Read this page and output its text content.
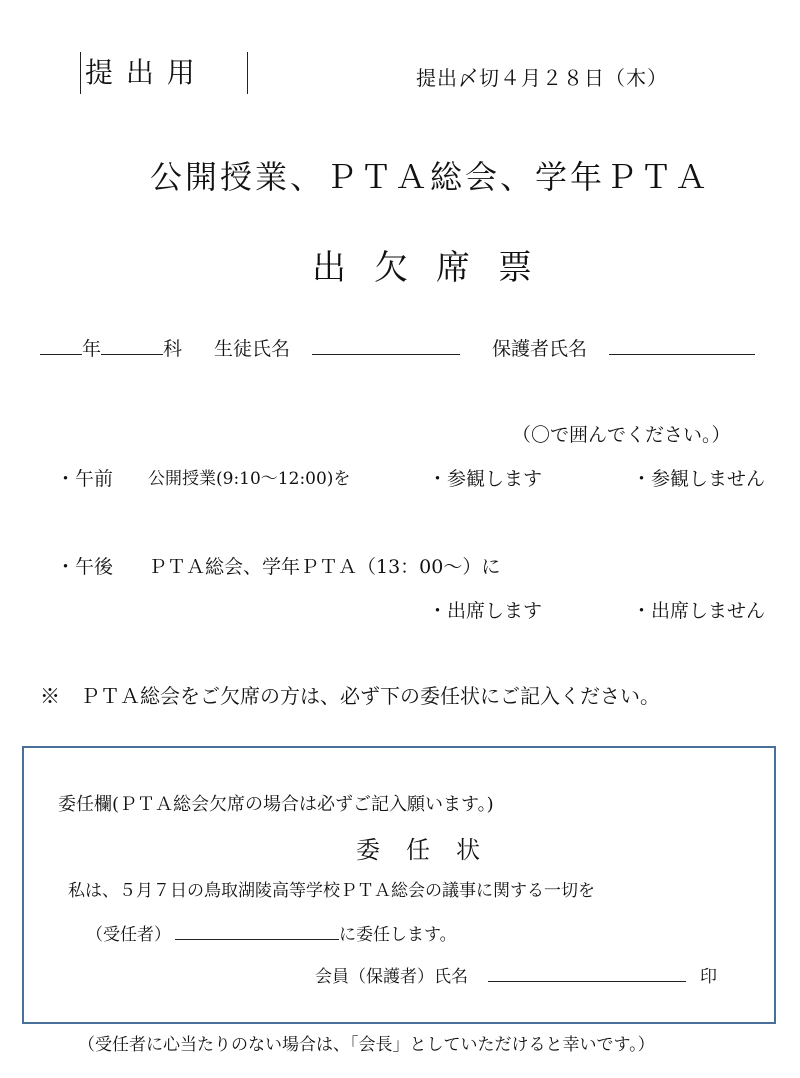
提 出 用	提出〆切４月２８日（木）
公開授業、ＰＴＡ総会、学年ＰＴＡ
出 欠 席 票
年	科 生徒氏名	保護者氏名
（〇で囲んでください。）
・午前 公開授業(9:10～12:00)を	・参観します	・参観しません
・午後 ＰＴＡ総会、学年ＰＴＡ（13：00～）に
・出席します	・出席しません
※　ＰＴＡ総会をご欠席の方は、必ず下の委任状にご記入ください。
委任欄(ＰＴＡ総会欠席の場合は必ずご記入願います。)
委 任 状
私は、５月７日の鳥取湖陵高等学校ＰＴＡ総会の議事に関する一切を
（受任者）	に委任します。
会員（保護者）氏名	印
（受任者に心当たりのない場合は、「会長」としていただけると幸いです。）
